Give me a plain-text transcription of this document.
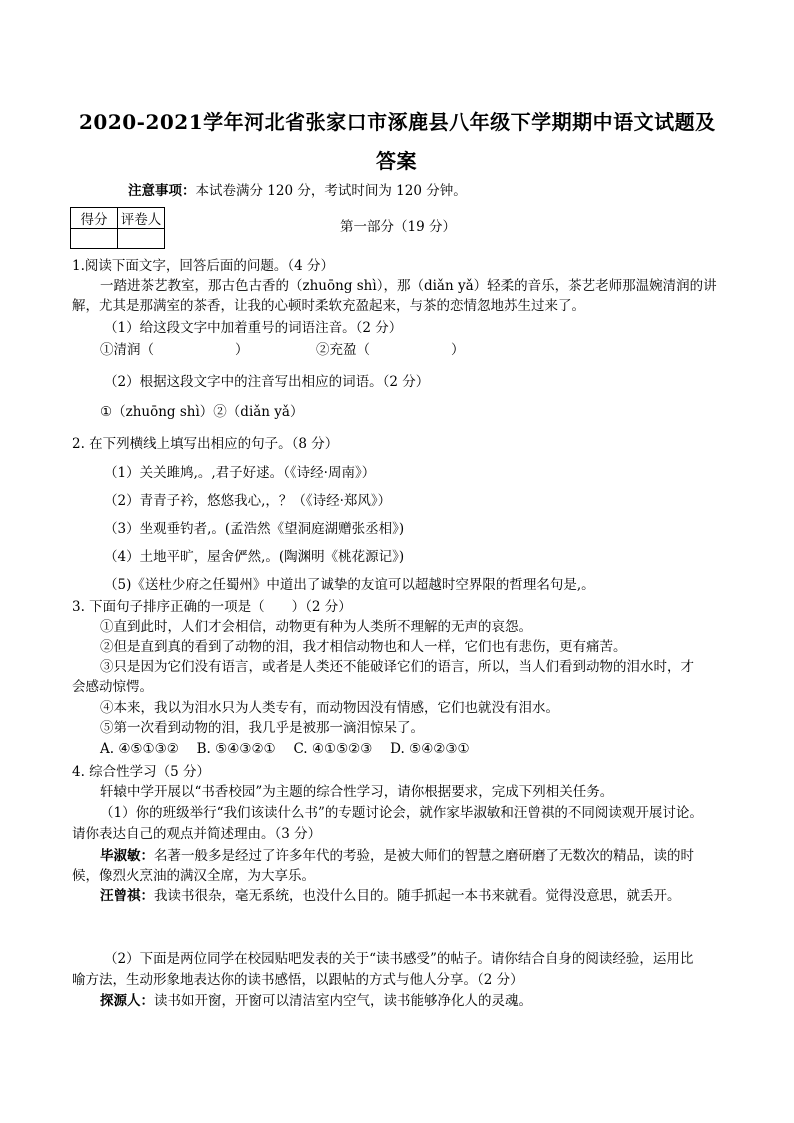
2020-2021学年河北省张家口市涿鹿县八年级下学期期中语文试题及
答案
注意事项：本试卷满分 120 分，考试时间为 120 分钟。
得分	评卷人
		第一部分（19 分）
1.阅读下面文字，回答后面的问题。（4 分）
一踏进茶艺教室，那古色古香的（zhuōng shì），那（diǎn yǎ）轻柔的音乐，茶艺老师那温婉清润的讲
解，尤其是那满室的茶香，让我的心顿时柔软充盈起来，与茶的恋情忽地苏生过来了。
（1）给这段文字中加着重号的词语注音。（2 分）
①清润（　　　　　　）	②充盈（　　　　　　）
（2）根据这段文字中的注音写出相应的词语。（2 分）
①（zhuōng shì）②（diǎn yǎ）
2. 在下列横线上填写出相应的句子。（8 分）
（1）关关雎鸠,。,君子好逑。（《诗经·周南》）
（2）青青子衿，悠悠我心,，？（《诗经·郑风》）
（3）坐观垂钓者,。(孟浩然《望洞庭湖赠张丞相》)
（4）土地平旷，屋舍俨然,。(陶渊明《桃花源记》)
（5)《送杜少府之任蜀州》中道出了诚挚的友谊可以超越时空界限的哲理名句是,。
3. 下面句子排序正确的一项是（　　）（2 分）
①直到此时，人们才会相信，动物更有种为人类所不理解的无声的哀怨。
②但是直到真的看到了动物的泪，我才相信动物也和人一样，它们也有悲伤，更有痛苦。
③只是因为它们没有语言，或者是人类还不能破译它们的语言，所以，当人们看到动物的泪水时，才
会感动惊愕。
④本来，我以为泪水只为人类专有，而动物因没有情感，它们也就没有泪水。
⑤第一次看到动物的泪，我几乎是被那一滴泪惊呆了。
A. ④⑤①③②　 B. ⑤④③②①　 C. ④①⑤②③　 D. ⑤④②③①
4. 综合性学习（5 分）
轩辕中学开展以“书香校园”为主题的综合性学习，请你根据要求，完成下列相关任务。
（1）你的班级举行“我们该读什么书”的专题讨论会，就作家毕淑敏和汪曾祺的不同阅读观开展讨论。
请你表达自己的观点并简述理由。（3 分）
毕淑敏：名著一般多是经过了许多年代的考验，是被大师们的智慧之磨研磨了无数次的精品，读的时
候，像烈火烹油的满汉全席，为大享乐。
汪曾祺：我读书很杂，毫无系统，也没什么目的。随手抓起一本书来就看。觉得没意思，就丢开。
（2）下面是两位同学在校园贴吧发表的关于“读书感受”的帖子。请你结合自身的阅读经验，运用比
喻方法，生动形象地表达你的读书感悟，以跟帖的方式与他人分享。（2 分）
探源人：读书如开窗，开窗可以清洁室内空气，读书能够净化人的灵魂。
